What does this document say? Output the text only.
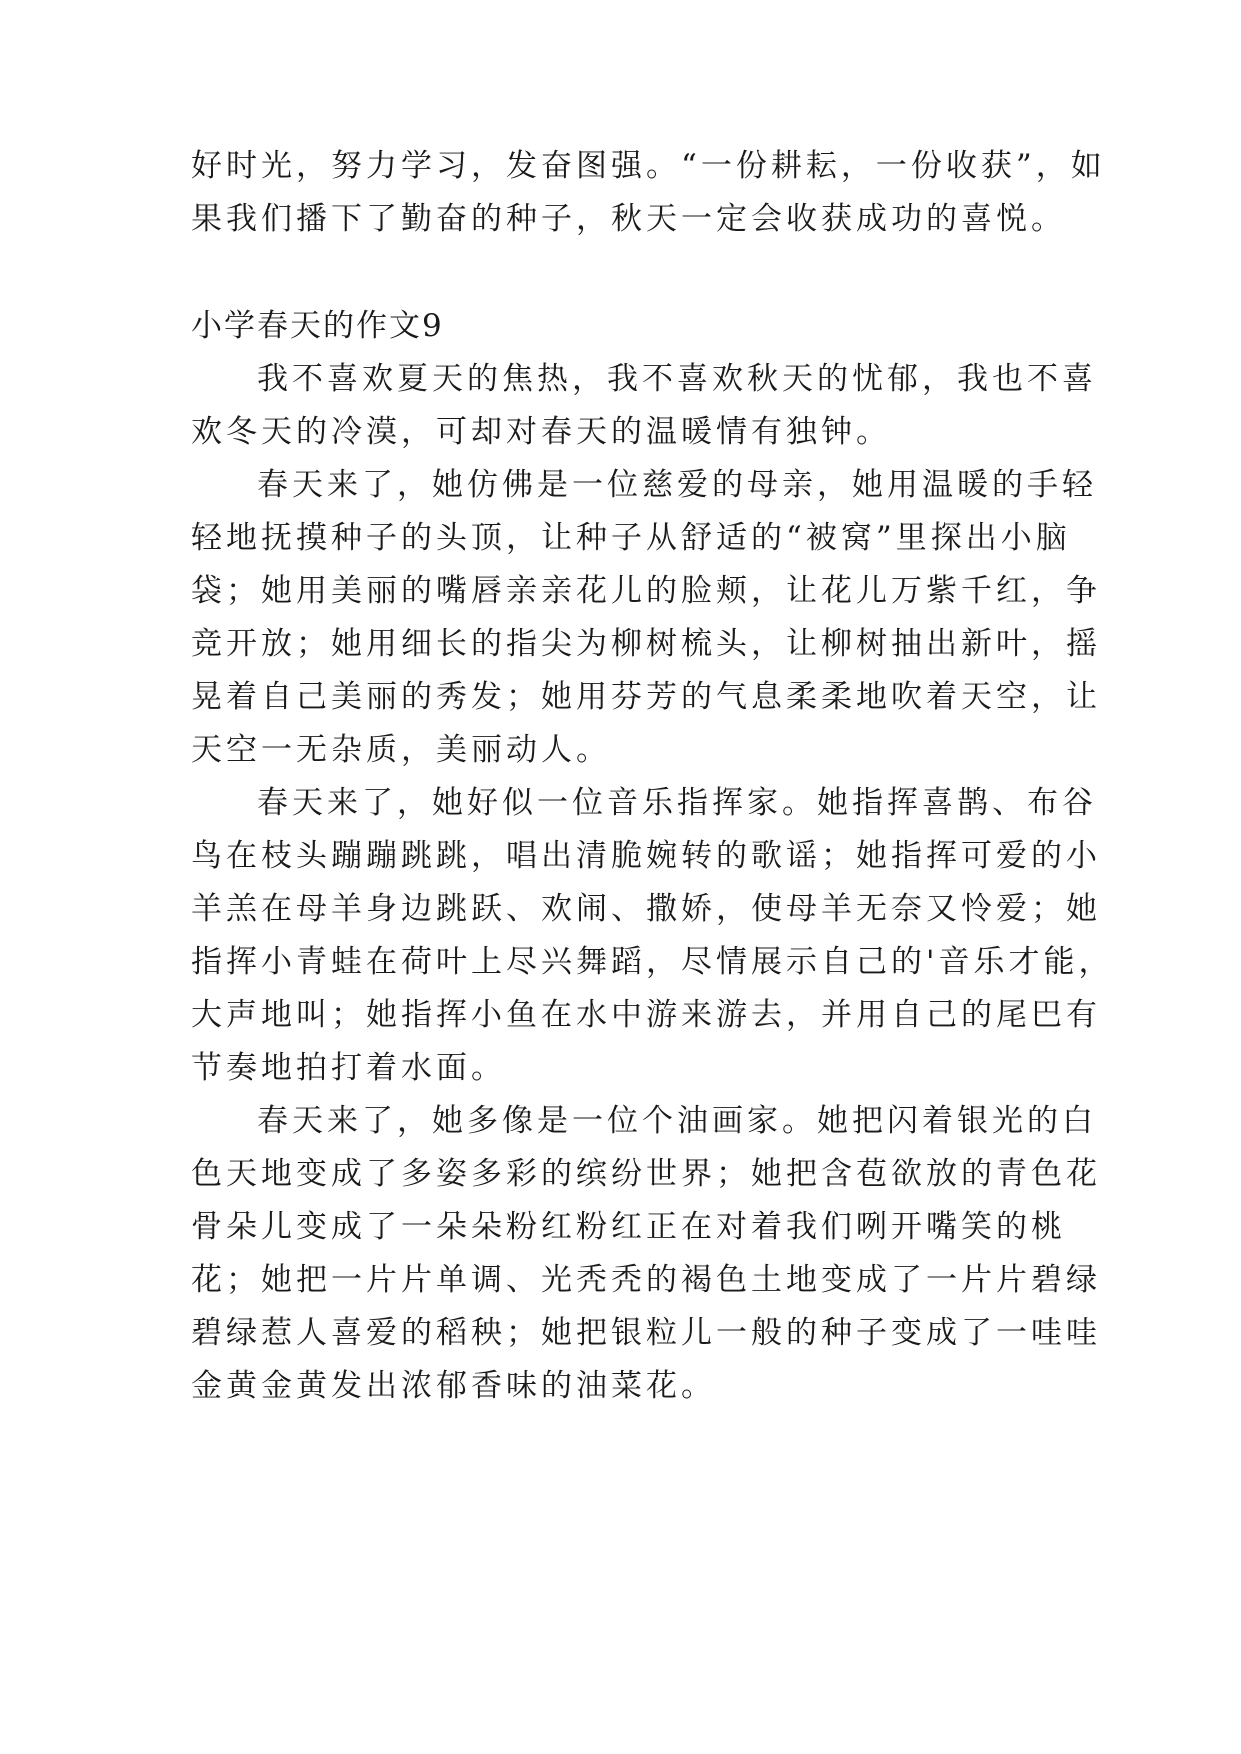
好时光，努力学习，发奋图强。“一份耕耘，一份收获”，如
果我们播下了勤奋的种子，秋天一定会收获成功的喜悦。
小学春天的作文9
我不喜欢夏天的焦热，我不喜欢秋天的忧郁，我也不喜
欢冬天的冷漠，可却对春天的温暖情有独钟。
春天来了，她仿佛是一位慈爱的母亲，她用温暖的手轻
轻地抚摸种子的头顶，让种子从舒适的“被窝”里探出小脑
袋；她用美丽的嘴唇亲亲花儿的脸颊，让花儿万紫千红，争
竞开放；她用细长的指尖为柳树梳头，让柳树抽出新叶，摇
晃着自己美丽的秀发；她用芬芳的气息柔柔地吹着天空，让
天空一无杂质，美丽动人。
春天来了，她好似一位音乐指挥家。她指挥喜鹊、布谷
鸟在枝头蹦蹦跳跳，唱出清脆婉转的歌谣；她指挥可爱的小
羊羔在母羊身边跳跃、欢闹、撒娇，使母羊无奈又怜爱；她
指挥小青蛙在荷叶上尽兴舞蹈，尽情展示自己的'音乐才能，
大声地叫；她指挥小鱼在水中游来游去，并用自己的尾巴有
节奏地拍打着水面。
春天来了，她多像是一位个油画家。她把闪着银光的白
色天地变成了多姿多彩的缤纷世界；她把含苞欲放的青色花
骨朵儿变成了一朵朵粉红粉红正在对着我们咧开嘴笑的桃
花；她把一片片单调、光秃秃的褐色土地变成了一片片碧绿
碧绿惹人喜爱的稻秧；她把银粒儿一般的种子变成了一哇哇
金黄金黄发出浓郁香味的油菜花。
